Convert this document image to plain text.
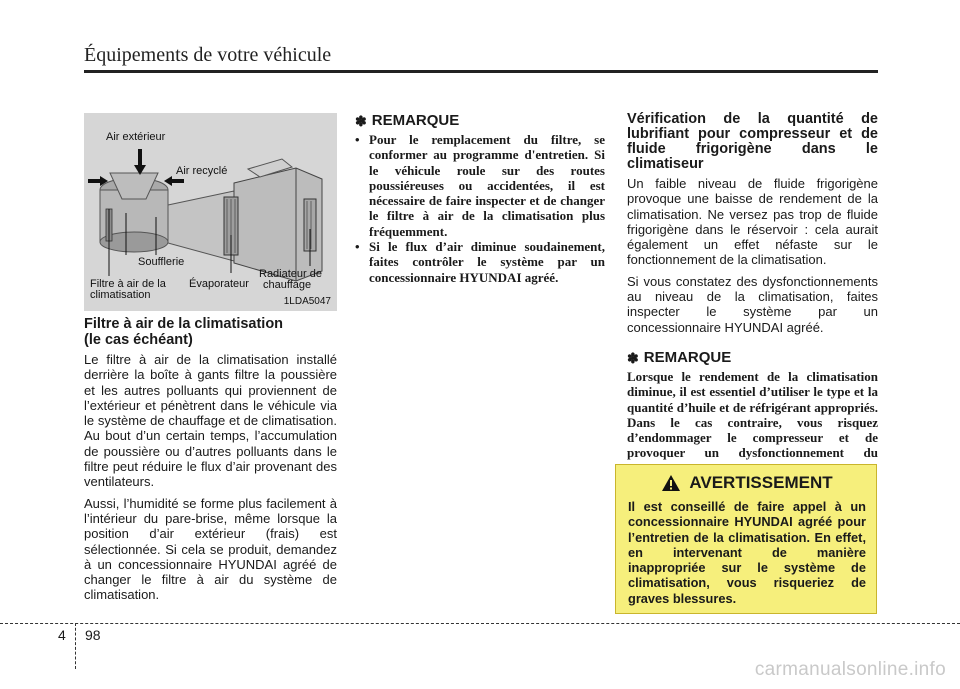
Équipements de votre véhicule
Air extérieur
Air recyclé
Soufflerie
Filtre à air de la
climatisation
Évaporateur
Radiateur de
chauffage
1LDA5047
Filtre à air de la climatisation
(le cas échéant)

Le filtre à air de la climatisation installé derrière la boîte à gants filtre la poussière et les autres polluants qui proviennent de l’extérieur et pénètrent dans le véhicule via le système de chauffage et de climatisation. Au bout d’un certain temps, l’accumulation de poussière ou d’autres polluants dans le filtre peut réduire le flux d’air provenant des ventilateurs.

Aussi, l’humidité se forme plus facilement à l’intérieur du pare-brise, même lorsque la position d’air extérieur (frais) est sélectionnée. Si cela se produit, demandez à un concessionnaire HYUNDAI agréé de changer le filtre à air du système de climatisation.

✽ REMARQUE
• Pour le remplacement du filtre, se conformer au programme d'entretien. Si le véhicule roule sur des routes poussiéreuses ou accidentées, il est nécessaire de faire inspecter et de changer le filtre à air de la climatisation plus fréquemment.
• Si le flux d’air diminue soudainement, faites contrôler le système par un concessionnaire HYUNDAI agréé.
Vérification de la quantité de lubrifiant pour compresseur et de fluide frigorigène dans le climatiseur

Un faible niveau de fluide frigorigène provoque une baisse de rendement de la climatisation. Ne versez pas trop de fluide frigorigène dans le réservoir : cela aurait également un effet néfaste sur le fonctionnement de la climatisation.

Si vous constatez des dysfonctionnements au niveau de la climatisation, faites inspecter le système par un concessionnaire HYUNDAI agréé.

✽ REMARQUE

Lorsque le rendement de la climatisation diminue, il est essentiel d’utiliser le type et la quantité d’huile et de réfrigérant appropriés. Dans le cas contraire, vous risquez d’endommager le compresseur et de provoquer un dysfonctionnement du

AVERTISSEMENT

Il est conseillé de faire appel à un concessionnaire HYUNDAI agréé pour l’entretien de la climatisation. En effet, en intervenant de manière inappropriée sur le système de climatisation, vous risqueriez de graves blessures.

4 98
carmanualsonline.info
